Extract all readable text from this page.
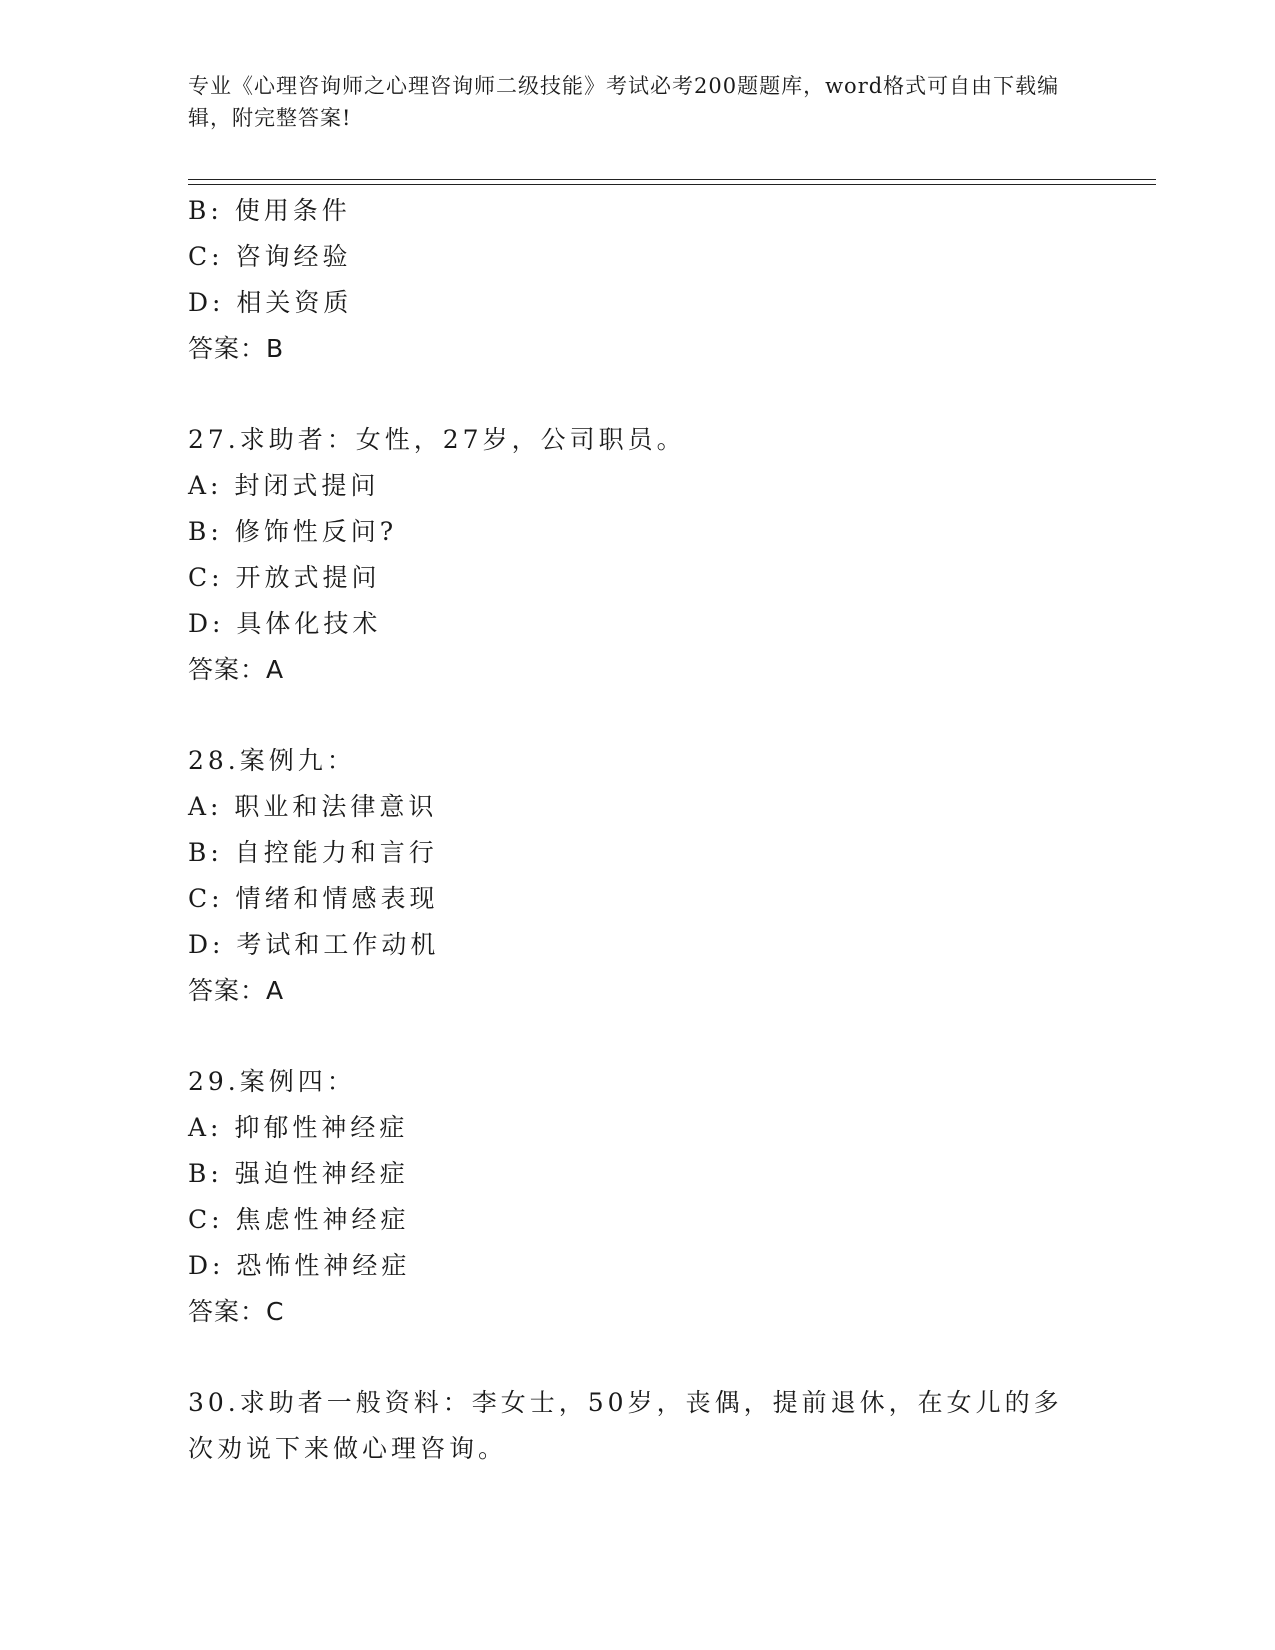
专业《心理咨询师之心理咨询师二级技能》考试必考200题题库，word格式可自由下载编辑，附完整答案!
B: 使用条件
C: 咨询经验
D: 相关资质
答案：B
27.求助者：女性，27岁，公司职员。
A: 封闭式提问
B: 修饰性反问?
C: 开放式提问
D: 具体化技术
答案：A
28.案例九：
A: 职业和法律意识
B: 自控能力和言行
C: 情绪和情感表现
D: 考试和工作动机
答案：A
29.案例四：
A: 抑郁性神经症
B: 强迫性神经症
C: 焦虑性神经症
D: 恐怖性神经症
答案：C
30.求助者一般资料：李女士，50岁，丧偶，提前退休，在女儿的多次劝说下来做心理咨询。
